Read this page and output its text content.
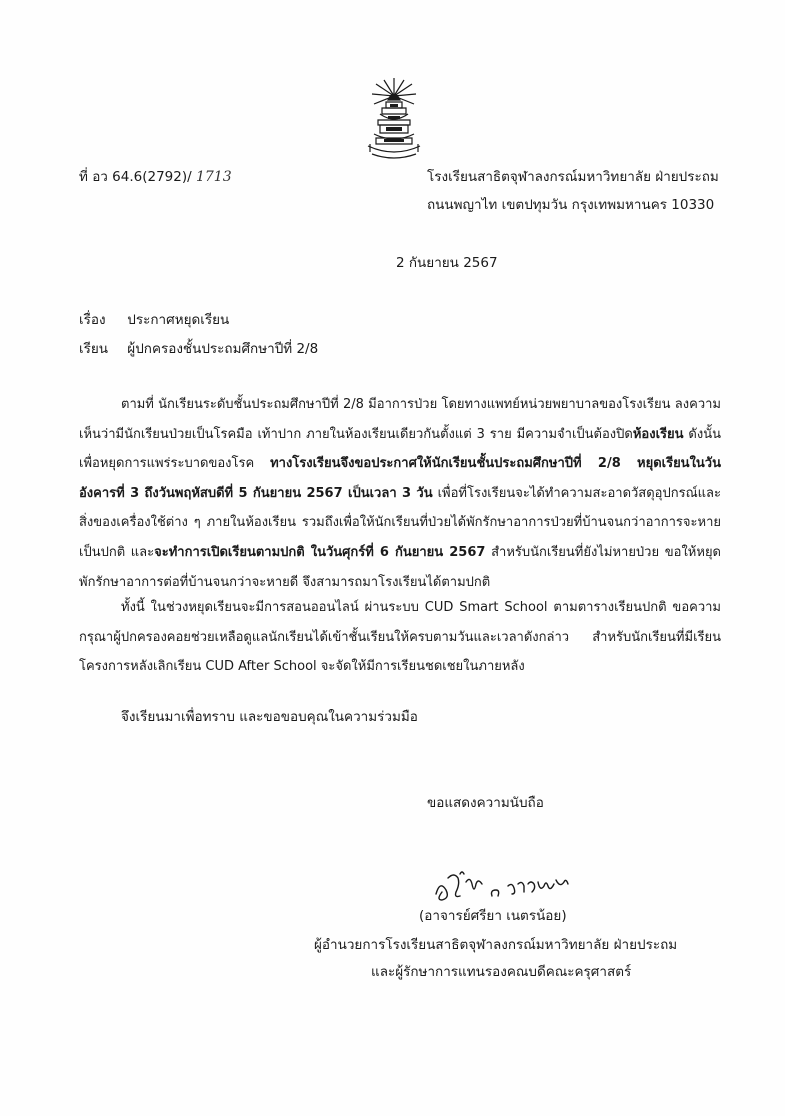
ที่ อว 64.6(2792)/ 1713	โรงเรียนสาธิตจุฬาลงกรณ์มหาวิทยาลัย ฝ่ายประถม
ถนนพญาไท เขตปทุมวัน กรุงเทพมหานคร 10330
2 กันยายน 2567
เรื่อง ประกาศหยุดเรียน
เรียน ผู้ปกครองชั้นประถมศึกษาปีที่ 2/8
ตามที่ นักเรียนระดับชั้นประถมศึกษาปีที่ 2/8 มีอาการป่วย โดยทางแพทย์หน่วยพยาบาลของโรงเรียน ลงความเห็นว่ามีนักเรียนป่วยเป็นโรคมือ เท้าปาก ภายในห้องเรียนเดียวกันตั้งแต่ 3 ราย มีความจำเป็นต้องปิดห้องเรียน ดังนั้นเพื่อหยุดการแพร่ระบาดของโรค ทางโรงเรียนจึงขอประกาศให้นักเรียนชั้นประถมศึกษาปีที่ 2/8 หยุดเรียนในวันอังคารที่ 3 ถึงวันพฤหัสบดีที่ 5 กันยายน 2567 เป็นเวลา 3 วัน เพื่อที่โรงเรียนจะได้ทำความสะอาดวัสดุอุปกรณ์และสิ่งของเครื่องใช้ต่าง ๆ ภายในห้องเรียน รวมถึงเพื่อให้นักเรียนที่ป่วยได้พักรักษาอาการป่วยที่บ้านจนกว่าอาการจะหายเป็นปกติ และจะทำการเปิดเรียนตามปกติ ในวันศุกร์ที่ 6 กันยายน 2567 สำหรับนักเรียนที่ยังไม่หายป่วย ขอให้หยุดพักรักษาอาการต่อที่บ้านจนกว่าจะหายดี จึงสามารถมาโรงเรียนได้ตามปกติ
ทั้งนี้ ในช่วงหยุดเรียนจะมีการสอนออนไลน์ ผ่านระบบ CUD Smart School ตามตารางเรียนปกติ ขอความกรุณาผู้ปกครองคอยช่วยเหลือดูแลนักเรียนได้เข้าชั้นเรียนให้ครบตามวันและเวลาดังกล่าว สำหรับนักเรียนที่มีเรียนโครงการหลังเลิกเรียน CUD After School จะจัดให้มีการเรียนชดเชยในภายหลัง
จึงเรียนมาเพื่อทราบ และขอขอบคุณในความร่วมมือ
ขอแสดงความนับถือ
(อาจารย์ศรียา เนตรน้อย)
ผู้อำนวยการโรงเรียนสาธิตจุฬาลงกรณ์มหาวิทยาลัย ฝ่ายประถม
และผู้รักษาการแทนรองคณบดีคณะครุศาสตร์
